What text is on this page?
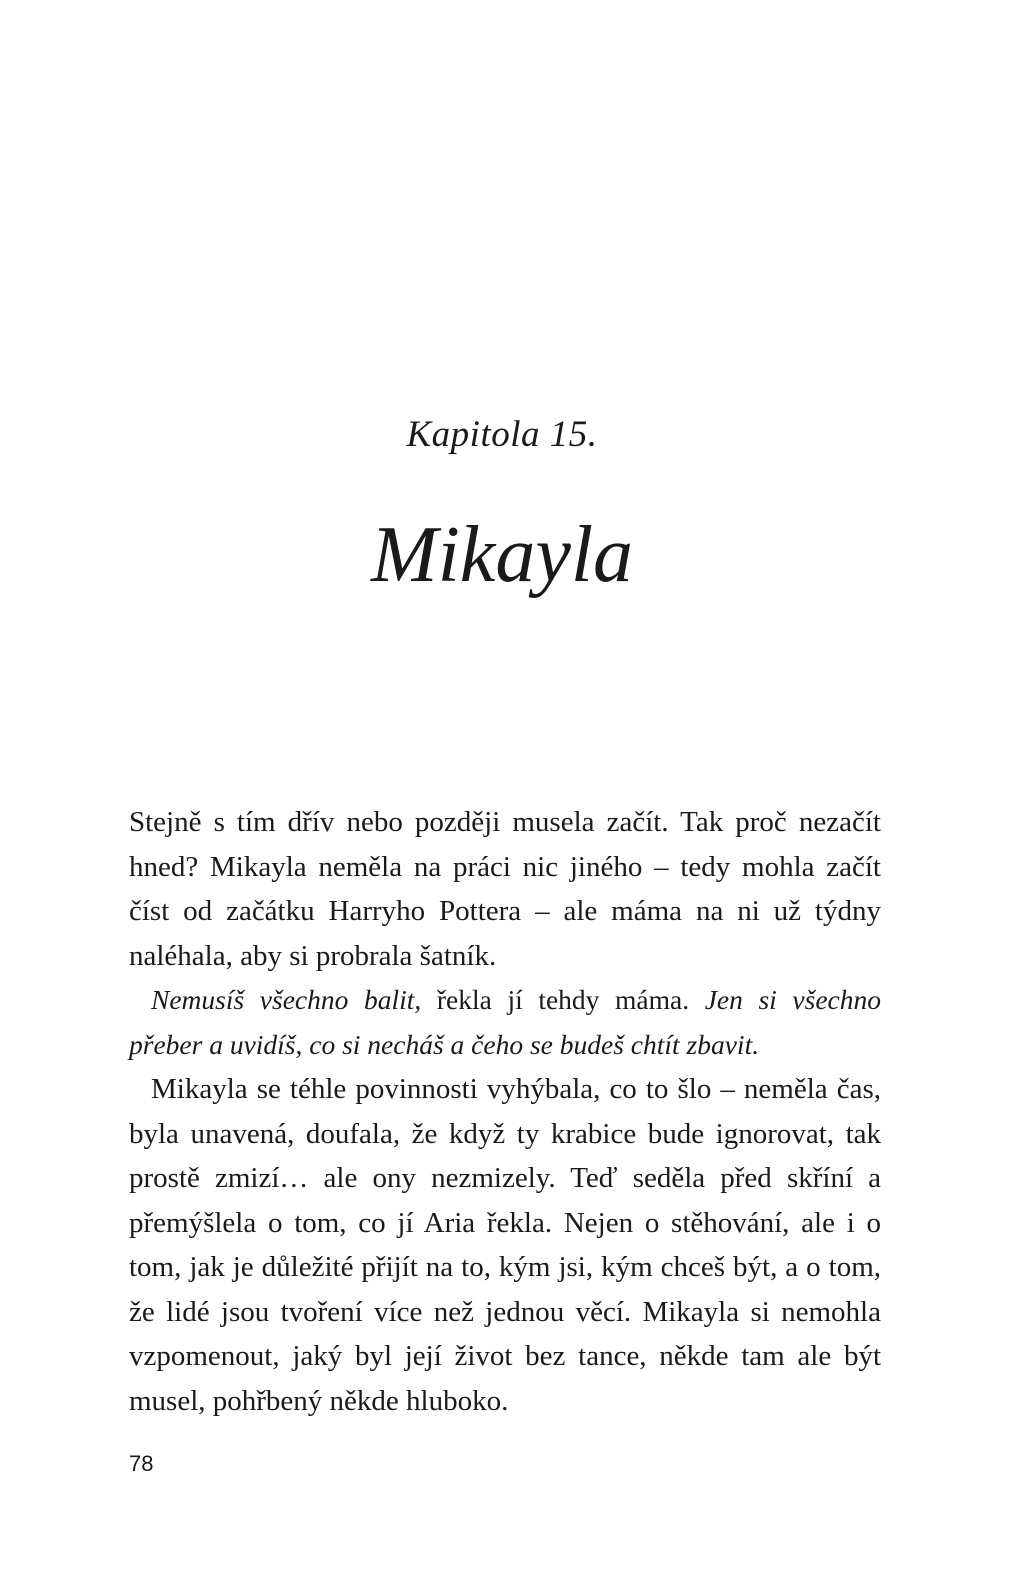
Kapitola 15.
Mikayla

Stejně s tím dřív nebo později musela začít. Tak proč nezačít hned? Mikayla neměla na práci nic jiného – tedy mohla začít číst od začátku Harryho Pottera – ale máma na ni už týdny naléhala, aby si probrala šatník.

Nemusíš všechno balit, řekla jí tehdy máma. Jen si všechno přeber a uvidíš, co si necháš a čeho se budeš chtít zbavit.

Mikayla se téhle povinnosti vyhýbala, co to šlo – neměla čas, byla unavená, doufala, že když ty krabice bude ignorovat, tak prostě zmizí… ale ony nezmizely. Teď seděla před skříní a přemýšlela o tom, co jí Aria řekla. Nejen o stěhování, ale i o tom, jak je důležité přijít na to, kým jsi, kým chceš být, a o tom, že lidé jsou tvoření více než jednou věcí. Mikayla si nemohla vzpomenout, jaký byl její život bez tance, někde tam ale být musel, pohřbený někde hluboko.

78
